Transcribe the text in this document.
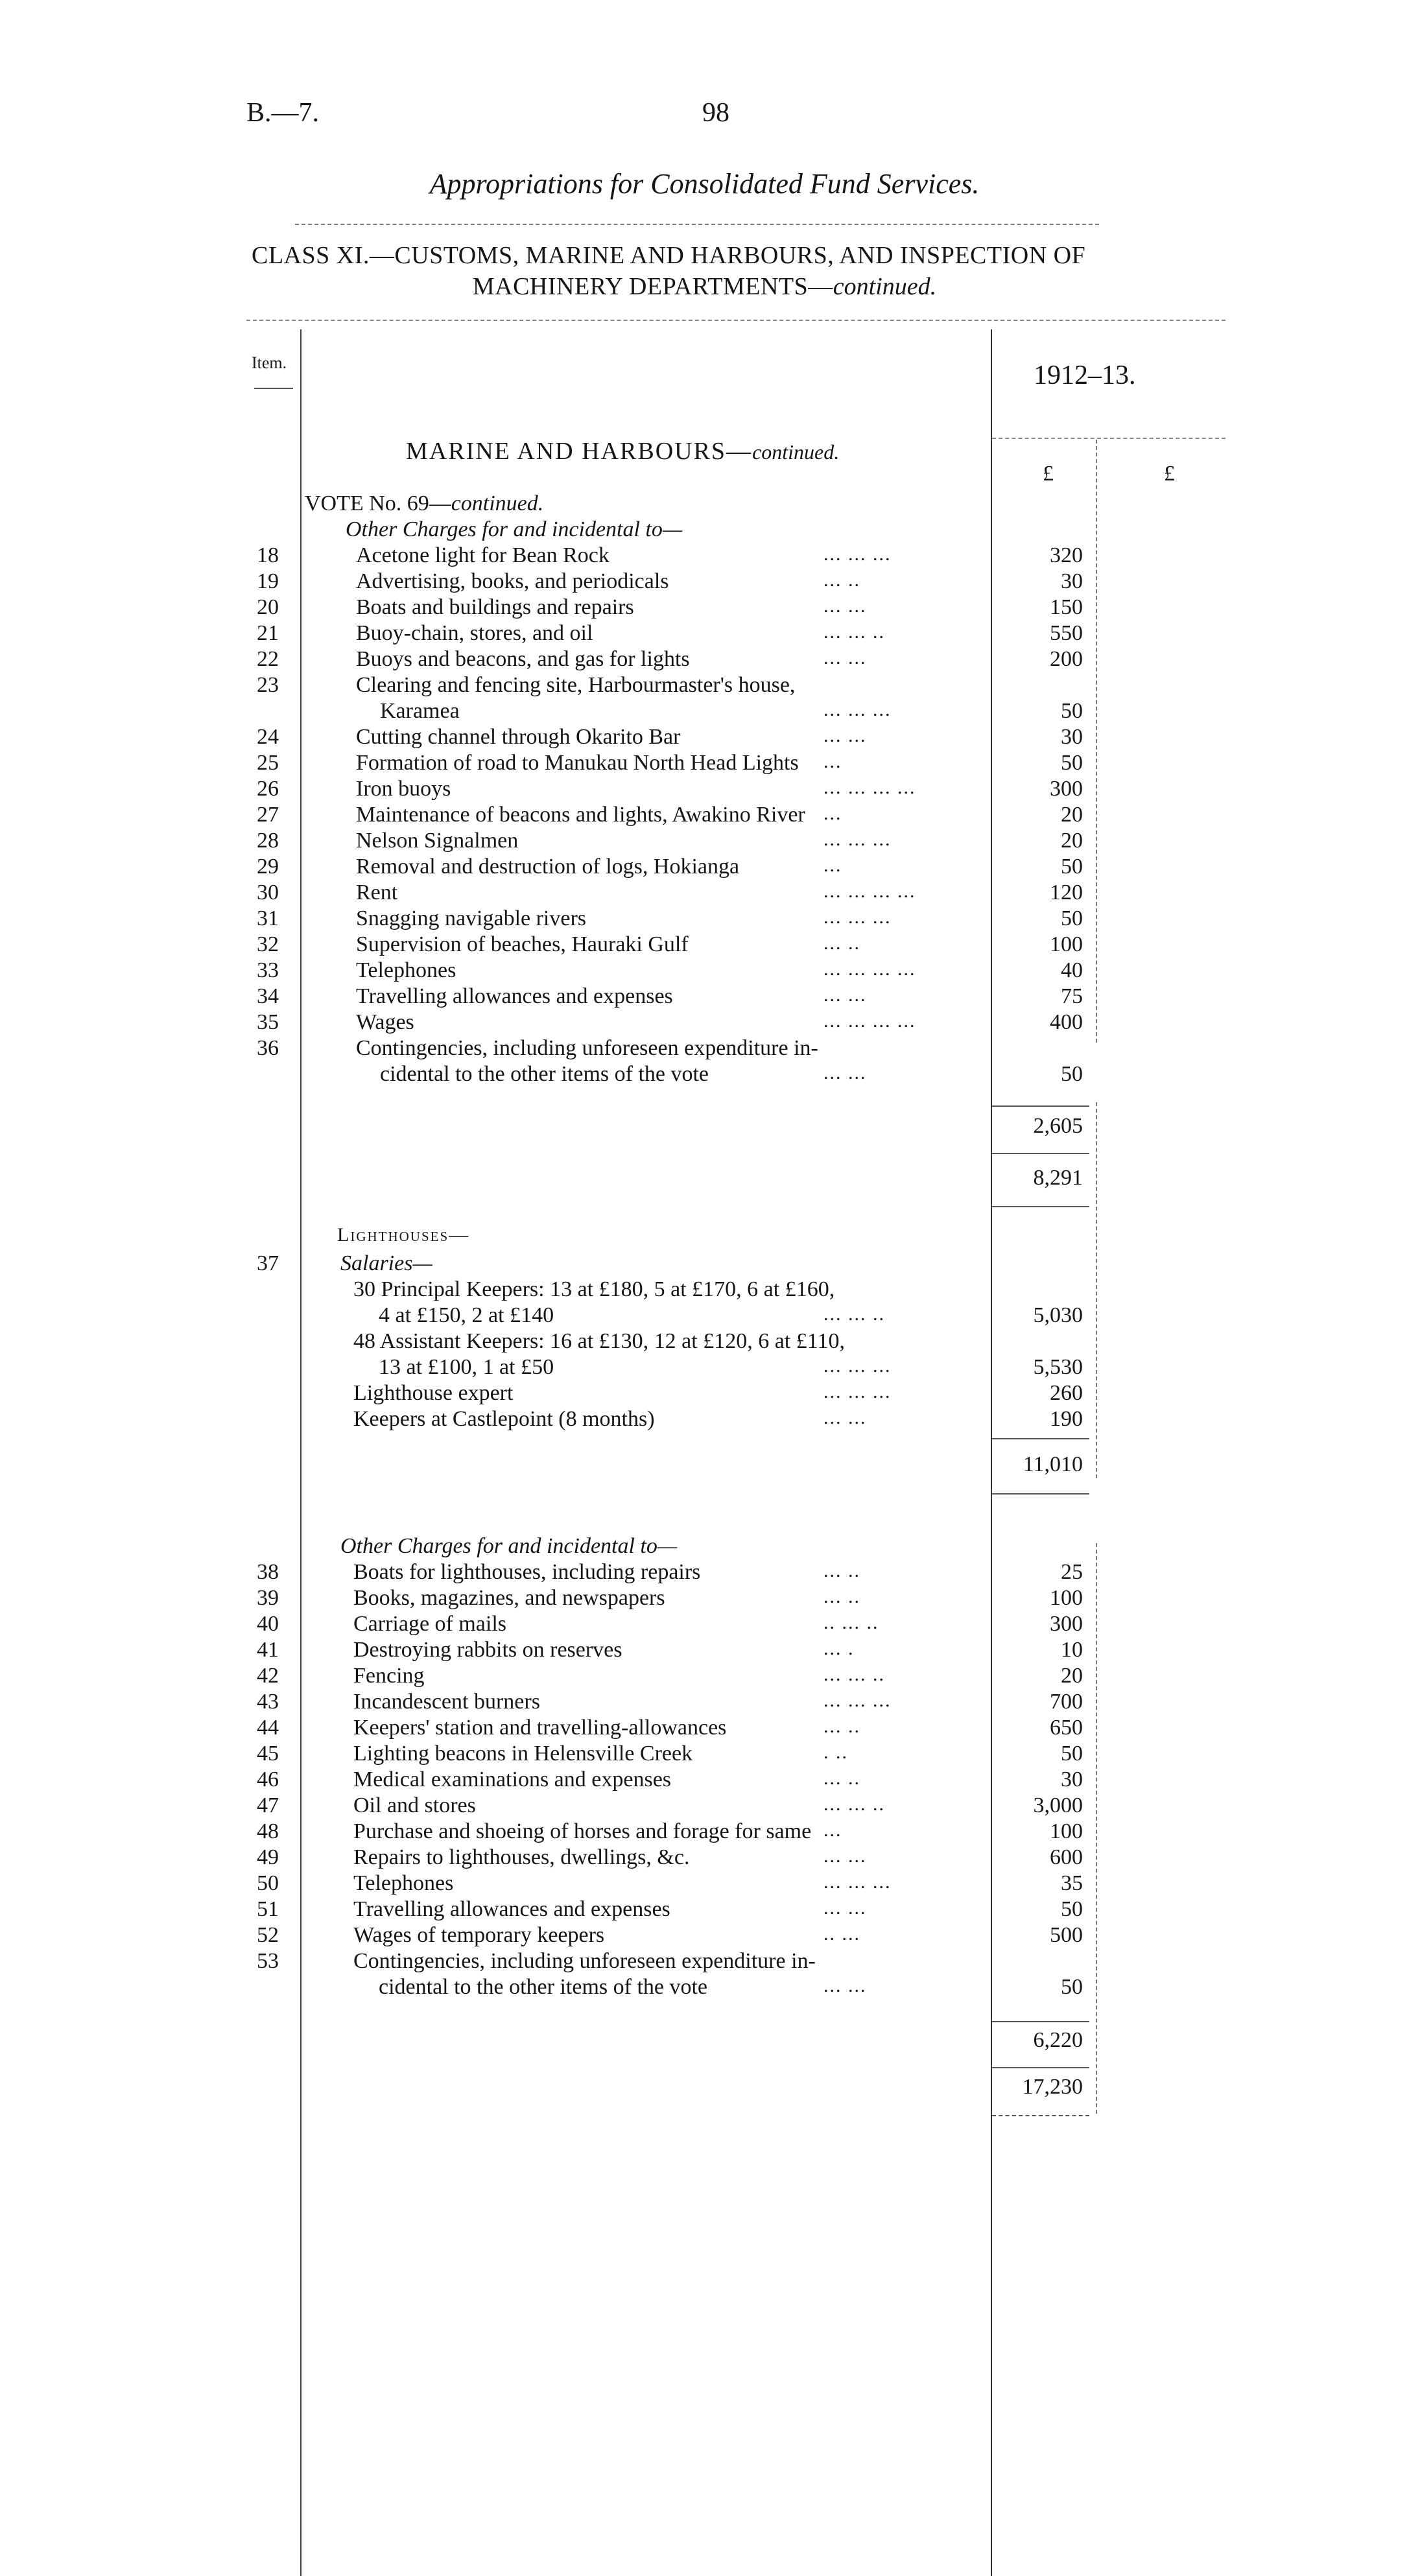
B.—7.	98
Appropriations for Consolidated Fund Services.
CLASS XI.—CUSTOMS, MARINE AND HARBOURS, AND INSPECTION OF
MACHINERY DEPARTMENTS—continued.
Item.	1912–13.
£	£
MARINE AND HARBOURS—continued.
VOTE No. 69—continued.
Other Charges for and incidental to—
18	Acetone light for Bean Rock	... ... ...	320
19	Advertising, books, and periodicals	... ..	30
20	Boats and buildings and repairs	... ...	150
21	Buoy-chain, stores, and oil	... ... ..	550
22	Buoys and beacons, and gas for lights	... ...	200
23	Clearing and fencing site, Harbourmaster's house,
Karamea	... ... ...	50
24	Cutting channel through Okarito Bar	... ...	30
25	Formation of road to Manukau North Head Lights ...	50
26	Iron buoys	... ... ... ...	300
27	Maintenance of beacons and lights, Awakino River ...	20
28	Nelson Signalmen	... ... ...	20
29	Removal and destruction of logs, Hokianga	...	50
30	Rent	... ... ... ...	120
31	Snagging navigable rivers	... ... ...	50
32	Supervision of beaches, Hauraki Gulf	... ..	100
33	Telephones	... ... ... ...	40
34	Travelling allowances and expenses	... ...	75
35	Wages	... ... ... ...	400
36	Contingencies, including unforeseen expenditure in-
cidental to the other items of the vote	... ...	50
2,605
8,291
Lighthouses—
37	Salaries—
30 Principal Keepers: 13 at £180, 5 at £170, 6 at £160,
4 at £150, 2 at £140	... ... ..	5,030
48 Assistant Keepers: 16 at £130, 12 at £120, 6 at £110,
13 at £100, 1 at £50	... ... ...	5,530
Lighthouse expert	... ... ...	260
Keepers at Castlepoint (8 months)	... ...	190
11,010
Other Charges for and incidental to—
38	Boats for lighthouses, including repairs	... ..	25
39	Books, magazines, and newspapers	... ..	100
40	Carriage of mails	.. ... ..	300
41	Destroying rabbits on reserves	... .	10
42	Fencing	... ... ..	20
43	Incandescent burners	... ... ...	700
44	Keepers' station and travelling-allowances	... ..	650
45	Lighting beacons in Helensville Creek	. ..	50
46	Medical examinations and expenses	... ..	30
47	Oil and stores	... ... ..	3,000
48	Purchase and shoeing of horses and forage for same ...	100
49	Repairs to lighthouses, dwellings, &c.	... ...	600
50	Telephones	... ... ...	35
51	Travelling allowances and expenses	... ...	50
52	Wages of temporary keepers	.. ...	500
53	Contingencies, including unforeseen expenditure in-
cidental to the other items of the vote	... ...	50
6,220
17,230
